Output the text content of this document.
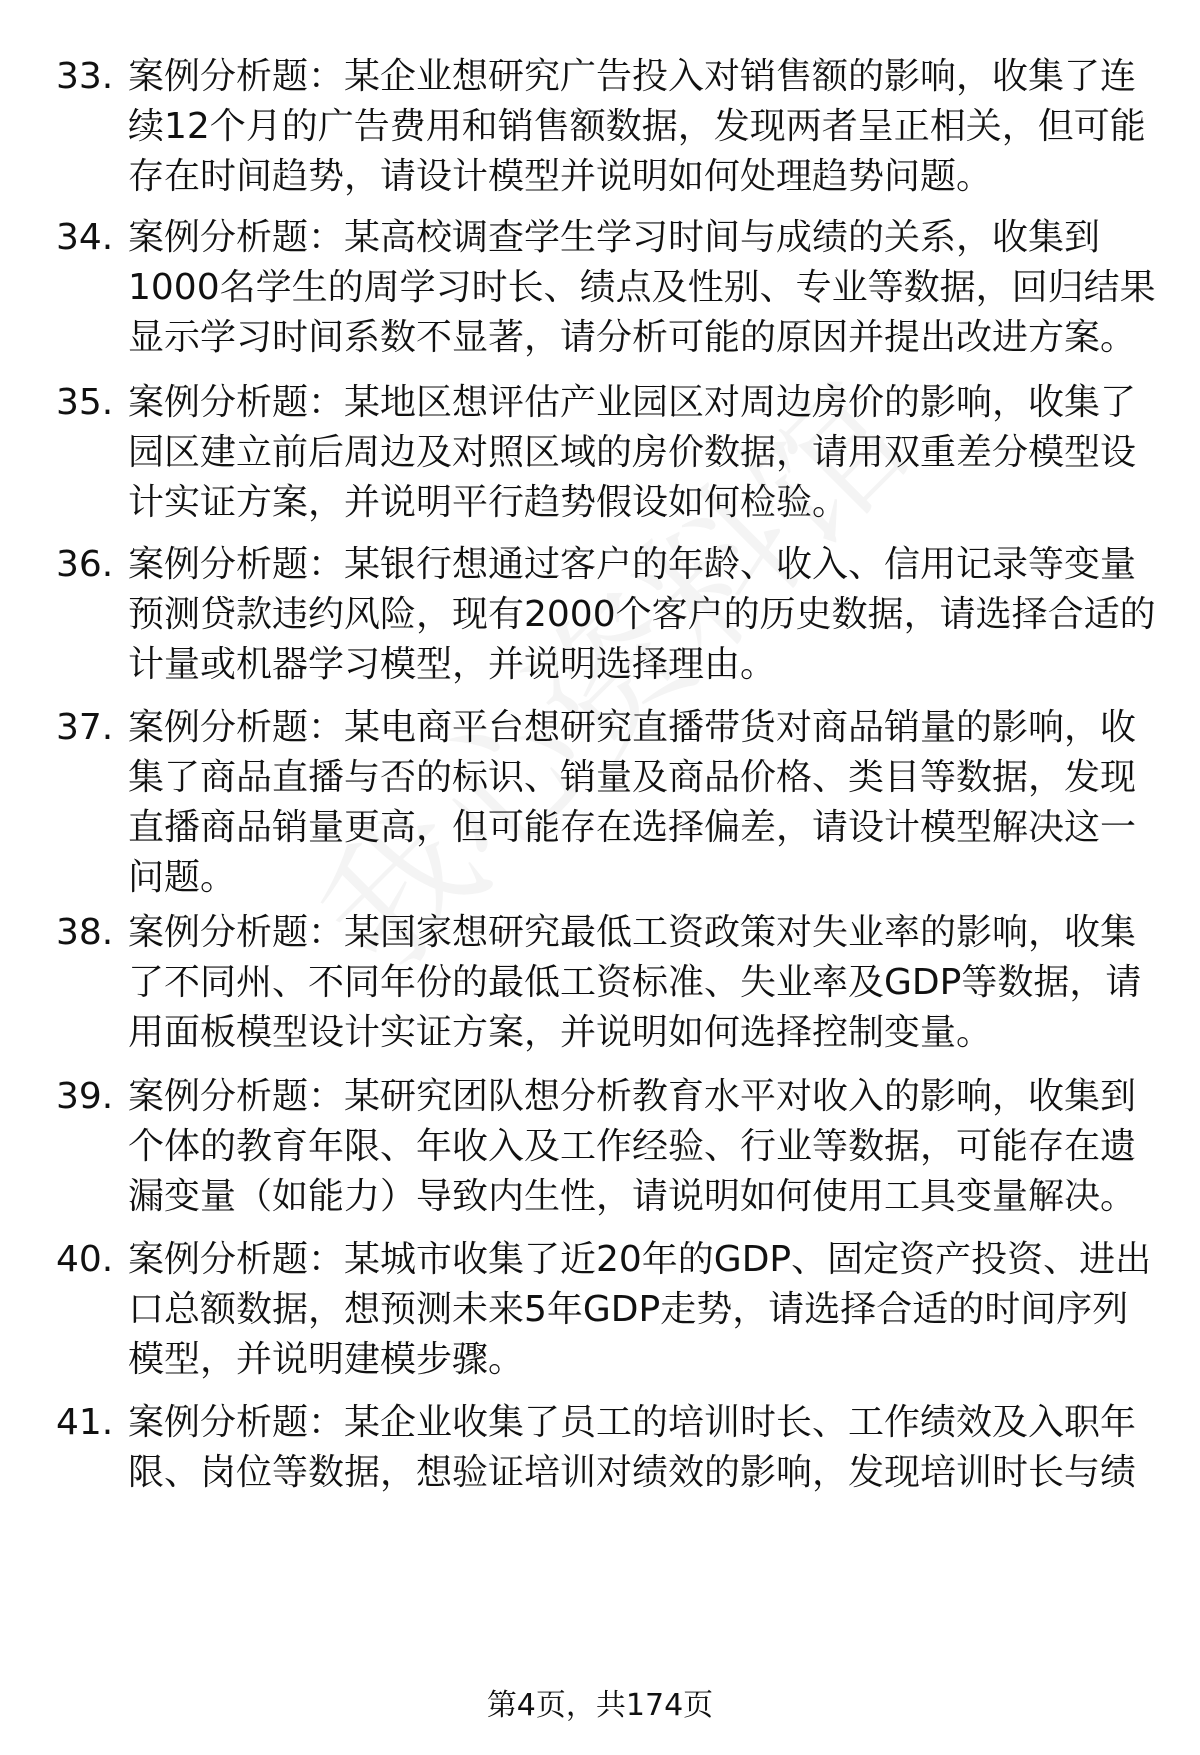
33. 案例分析题：某企业想研究广告投入对销售额的影响，收集了连
续12个月的广告费用和销售额数据，发现两者呈正相关，但可能
存在时间趋势，请设计模型并说明如何处理趋势问题。
34. 案例分析题：某高校调查学生学习时间与成绩的关系，收集到
1000名学生的周学习时长、绩点及性别、专业等数据，回归结果
显示学习时间系数不显著，请分析可能的原因并提出改进方案。
35. 案例分析题：某地区想评估产业园区对周边房价的影响，收集了
园区建立前后周边及对照区域的房价数据，请用双重差分模型设
计实证方案，并说明平行趋势假设如何检验。
36. 案例分析题：某银行想通过客户的年龄、收入、信用记录等变量
预测贷款违约风险，现有2000个客户的历史数据，请选择合适的
计量或机器学习模型，并说明选择理由。
37. 案例分析题：某电商平台想研究直播带货对商品销量的影响，收
集了商品直播与否的标识、销量及商品价格、类目等数据，发现
直播商品销量更高，但可能存在选择偏差，请设计模型解决这一
问题。
38. 案例分析题：某国家想研究最低工资政策对失业率的影响，收集
了不同州、不同年份的最低工资标准、失业率及GDP等数据，请
用面板模型设计实证方案，并说明如何选择控制变量。
39. 案例分析题：某研究团队想分析教育水平对收入的影响，收集到
个体的教育年限、年收入及工作经验、行业等数据，可能存在遗
漏变量（如能力）导致内生性，请说明如何使用工具变量解决。
40. 案例分析题：某城市收集了近20年的GDP、固定资产投资、进出
口总额数据，想预测未来5年GDP走势，请选择合适的时间序列
模型，并说明建模步骤。
41. 案例分析题：某企业收集了员工的培训时长、工作绩效及入职年
限、岗位等数据，想验证培训对绩效的影响，发现培训时长与绩
第4页，共174页
